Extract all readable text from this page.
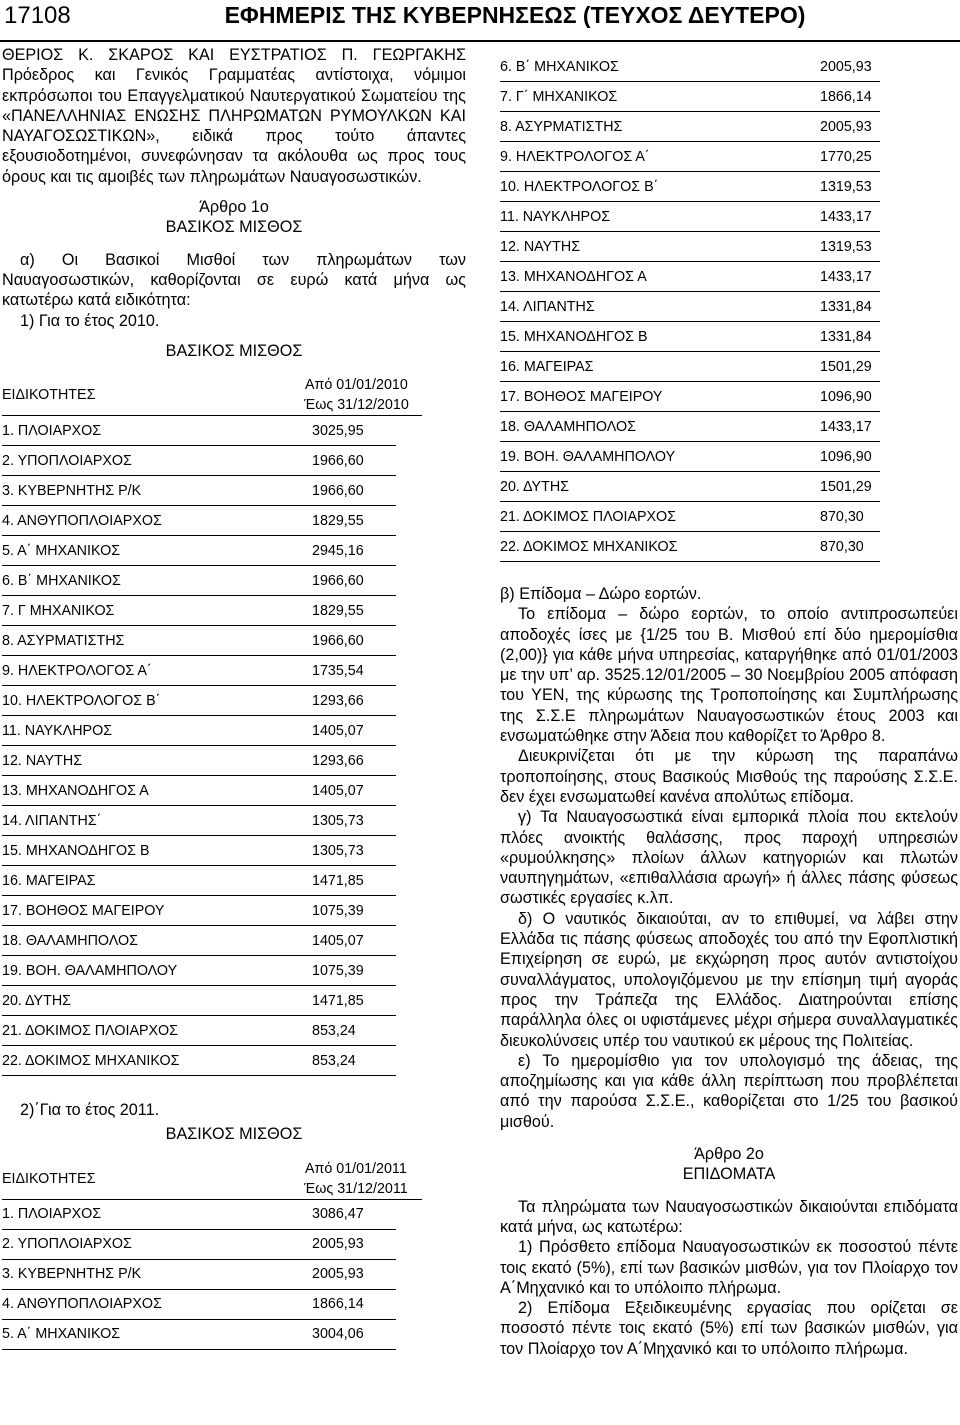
17108	ΕΦΗΜΕΡΙΣ ΤΗΣ ΚΥΒΕΡΝΗΣΕΩΣ (ΤΕΥΧΟΣ ΔΕΥΤΕΡΟ)

ΘΕΡΙΟΣ Κ. ΣΚΑΡΟΣ ΚΑΙ ΕΥΣΤΡΑΤΙΟΣ Π. ΓΕΩΡΓΑΚΗΣ Πρόεδρος και Γενικός Γραμματέας αντίστοιχα, νόμιμοι εκπρόσωποι του Επαγγελματικού Ναυτεργατικού Σωματείου της «ΠΑΝΕΛΛΗΝΙΑΣ ΕΝΩΣΗΣ ΠΛΗΡΩΜΑΤΩΝ ΡΥΜΟΥΛΚΩΝ ΚΑΙ ΝΑΥΑΓΟΣΩΣΤΙΚΩΝ», ειδικά προς τούτο άπαντες εξουσιοδοτημένοι, συνεφώνησαν τα ακόλουθα ως προς τους όρους και τις αμοιβές των πληρωμάτων Ναυαγοσωστικών.

Άρθρο 1ο
ΒΑΣΙΚΟΣ ΜΙΣΘΟΣ

α) Οι Βασικοί Μισθοί των πληρωμάτων των Ναυαγοσωστικών, καθορίζονται σε ευρώ κατά μήνα ως κατωτέρω κατά ειδικότητα:

1) Για το έτος 2010.

ΒΑΣΙΚΟΣ ΜΙΣΘΟΣ
ΕΙΔΙΚΟΤΗΤΕΣ
Από 01/01/2010
Έως 31/12/2010
1. ΠΛΟΙΑΡΧΟΣ	3025,95
2. ΥΠΟΠΛΟΙΑΡΧΟΣ	1966,60
3. ΚΥΒΕΡΝΗΤΗΣ Ρ/Κ	1966,60
4. ΑΝΘΥΠΟΠΛΟΙΑΡΧΟΣ	1829,55
5. Α΄ ΜΗΧΑΝΙΚΟΣ	2945,16
6. Β΄ ΜΗΧΑΝΙΚΟΣ	1966,60
7. Γ ΜΗΧΑΝΙΚΟΣ	1829,55
8. ΑΣΥΡΜΑΤΙΣΤΗΣ	1966,60
9. ΗΛΕΚΤΡΟΛΟΓΟΣ Α΄	1735,54
10. ΗΛΕΚΤΡΟΛΟΓΟΣ Β΄	1293,66
11. ΝΑΥΚΛΗΡΟΣ	1405,07
12. ΝΑΥΤΗΣ	1293,66
13. ΜΗΧΑΝΟΔΗΓΟΣ Α	1405,07
14. ΛΙΠΑΝΤΗΣ΄	1305,73
15. ΜΗΧΑΝΟΔΗΓΟΣ Β	1305,73
16. ΜΑΓΕΙΡΑΣ	1471,85
17. ΒΟΗΘΟΣ ΜΑΓΕΙΡΟΥ	1075,39
18. ΘΑΛΑΜΗΠΟΛΟΣ	1405,07
19. ΒΟΗ. ΘΑΛΑΜΗΠΟΛΟΥ	1075,39
20. ΔΥΤΗΣ	1471,85
21. ΔΟΚΙΜΟΣ ΠΛΟΙΑΡΧΟΣ	853,24
22. ΔΟΚΙΜΟΣ ΜΗΧΑΝΙΚΟΣ	853,24

2)΄Για το έτος 2011.

ΒΑΣΙΚΟΣ ΜΙΣΘΟΣ
ΕΙΔΙΚΟΤΗΤΕΣ
Από 01/01/2011
Έως 31/12/2011
1. ΠΛΟΙΑΡΧΟΣ	3086,47
2. ΥΠΟΠΛΟΙΑΡΧΟΣ	2005,93
3. ΚΥΒΕΡΝΗΤΗΣ Ρ/Κ	2005,93
4. ΑΝΘΥΠΟΠΛΟΙΑΡΧΟΣ	1866,14
5. Α΄ ΜΗΧΑΝΙΚΟΣ	3004,06
6. Β΄ ΜΗΧΑΝΙΚΟΣ	2005,93
7. Γ΄ ΜΗΧΑΝΙΚΟΣ	1866,14
8. ΑΣΥΡΜΑΤΙΣΤΗΣ	2005,93
9. ΗΛΕΚΤΡΟΛΟΓΟΣ Α΄	1770,25
10. ΗΛΕΚΤΡΟΛΟΓΟΣ Β΄	1319,53
11. ΝΑΥΚΛΗΡΟΣ	1433,17
12. ΝΑΥΤΗΣ	1319,53
13. ΜΗΧΑΝΟΔΗΓΟΣ Α	1433,17
14. ΛΙΠΑΝΤΗΣ	1331,84
15. ΜΗΧΑΝΟΔΗΓΟΣ Β	1331,84
16. ΜΑΓΕΙΡΑΣ	1501,29
17. ΒΟΗΘΟΣ ΜΑΓΕΙΡΟΥ	1096,90
18. ΘΑΛΑΜΗΠΟΛΟΣ	1433,17
19. ΒΟΗ. ΘΑΛΑΜΗΠΟΛΟΥ	1096,90
20. ΔΥΤΗΣ	1501,29
21. ΔΟΚΙΜΟΣ ΠΛΟΙΑΡΧΟΣ	870,30
22. ΔΟΚΙΜΟΣ ΜΗΧΑΝΙΚΟΣ	870,30

β) Επίδομα – Δώρο εορτών.

Το επίδομα – δώρο εορτών, το οποίο αντιπροσωπεύει αποδοχές ίσες με {1/25 του Β. Μισθού επί δύο ημερομίσθια (2,00)} για κάθε μήνα υπηρεσίας, καταργήθηκε από 01/01/2003 με την υπ’ αρ. 3525.12/01/2005 – 30 Νοεμβρίου 2005 απόφαση του ΥΕΝ, της κύρωσης της Τροποποίησης και Συμπλήρωσης της Σ.Σ.Ε πληρωμάτων Ναυαγοσωστικών έτους 2003 και ενσωματώθηκε στην Άδεια που καθορίζετ το Άρθρο 8.

Διευκρινίζεται ότι με την κύρωση της παραπάνω τροποποίησης, στους Βασικούς Μισθούς της παρούσης Σ.Σ.Ε. δεν έχει ενσωματωθεί κανένα απολύτως επίδομα.

γ) Τα Ναυαγοσωστικά είναι εμπορικά πλοία που εκτελούν πλόες ανοικτής θαλάσσης, προς παροχή υπηρεσιών «ρυμούλκησης» πλοίων άλλων κατηγοριών και πλωτών ναυπηγημάτων, «επιθαλλάσια αρωγή» ή άλλες πάσης φύσεως σωστικές εργασίες κ.λπ.

δ) Ο ναυτικός δικαιούται, αν το επιθυμεί, να λάβει στην Ελλάδα τις πάσης φύσεως αποδοχές του από την Εφοπλιστική Επιχείρηση σε ευρώ, με εκχώρηση προς αυτόν αντιστοίχου συναλλάγματος, υπολογιζόμενου με την επίσημη τιμή αγοράς προς την Τράπεζα της Ελλάδος. Διατηρούνται επίσης παράλληλα όλες οι υφιστάμενες μέχρι σήμερα συναλλαγματικές διευκολύνσεις υπέρ του ναυτικού εκ μέρους της Πολιτείας.

ε) Το ημερομίσθιο για τον υπολογισμό της άδειας, της αποζημίωσης και για κάθε άλλη περίπτωση που προβλέπεται από την παρούσα Σ.Σ.Ε., καθορίζεται στο 1/25 του βασικού μισθού.

Άρθρο 2ο
ΕΠΙΔΟΜΑΤΑ

Τα πληρώματα των Ναυαγοσωστικών δικαιούνται επιδόματα κατά μήνα, ως κατωτέρω:

1) Πρόσθετο επίδομα Ναυαγοσωστικών εκ ποσοστού πέντε τοις εκατό (5%), επί των βασικών μισθών, για τον Πλοίαρχο τον Α΄Μηχανικό και το υπόλοιπο πλήρωμα.

2) Επίδομα Εξειδικευμένης εργασίας που ορίζεται σε ποσοστό πέντε τοις εκατό (5%) επί των βασικών μισθών, για τον Πλοίαρχο τον Α΄Μηχανικό και το υπόλοιπο πλήρωμα.
